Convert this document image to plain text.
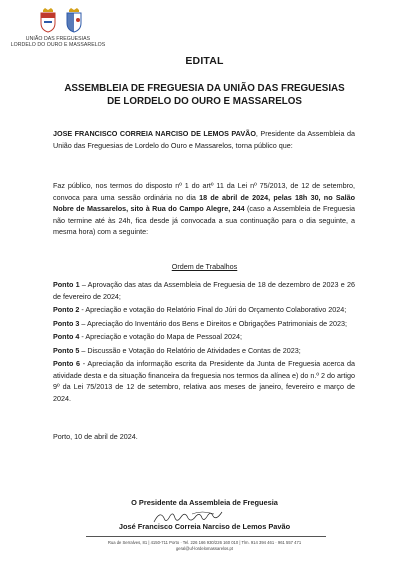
UNIÃO DAS FREGUESIAS
LORDELO DO OURO E MASSARELOS
EDITAL
ASSEMBLEIA DE FREGUESIA DA UNIÃO DAS FREGUESIAS
DE LORDELO DO OURO E MASSARELOS
JOSE FRANCISCO CORREIA NARCISO DE LEMOS PAVÃO, Presidente da Assembleia da União das Freguesias de Lordelo do Ouro e Massarelos, torna público que:
Faz público, nos termos do disposto nº 1 do artº 11 da Lei nº 75/2013, de 12 de setembro, convoca para uma sessão ordinária no dia 18 de abril de 2024, pelas 18h 30, no Salão Nobre de Massarelos, sito à Rua do Campo Alegre, 244 (caso a Assembleia de Freguesia não termine até às 24h, fica desde já convocada a sua continuação para o dia seguinte, a mesma hora) com a seguinte:
Ordem de Trabalhos
Ponto 1 – Aprovação das atas da Assembleia de Freguesia de 18 de dezembro de 2023 e 26 de fevereiro de 2024;
Ponto 2 - Apreciação e votação do Relatório Final do Júri do Orçamento Colaborativo 2024;
Ponto 3 – Apreciação do Inventário dos Bens e Direitos e Obrigações Patrimoniais de 2023;
Ponto 4 - Apreciação e votação do Mapa de Pessoal 2024;
Ponto 5 – Discussão e Votação do Relatório de Atividades e Contas de 2023;
Ponto 6 - Apreciação da informação escrita da Presidente da Junta de Freguesia acerca da atividade desta e da situação financeira da freguesia nos termos da alínea e) do n.º 2 do artigo 9º da Lei 75/2013 de 12 de setembro, relativa aos meses de janeiro, fevereiro e março de 2024.
Porto, 10 de abril de 2024.
O Presidente da Assembleia de Freguesia
José Francisco Correia Narciso de Lemos Pavão
Rua de Serralves, 81 | 4150-711 Porto · Tel. 226 166 930/226 160 010 | Tlm. 914 394 461 · 961 557 471
geral@uf-lordelomassarelos.pt
